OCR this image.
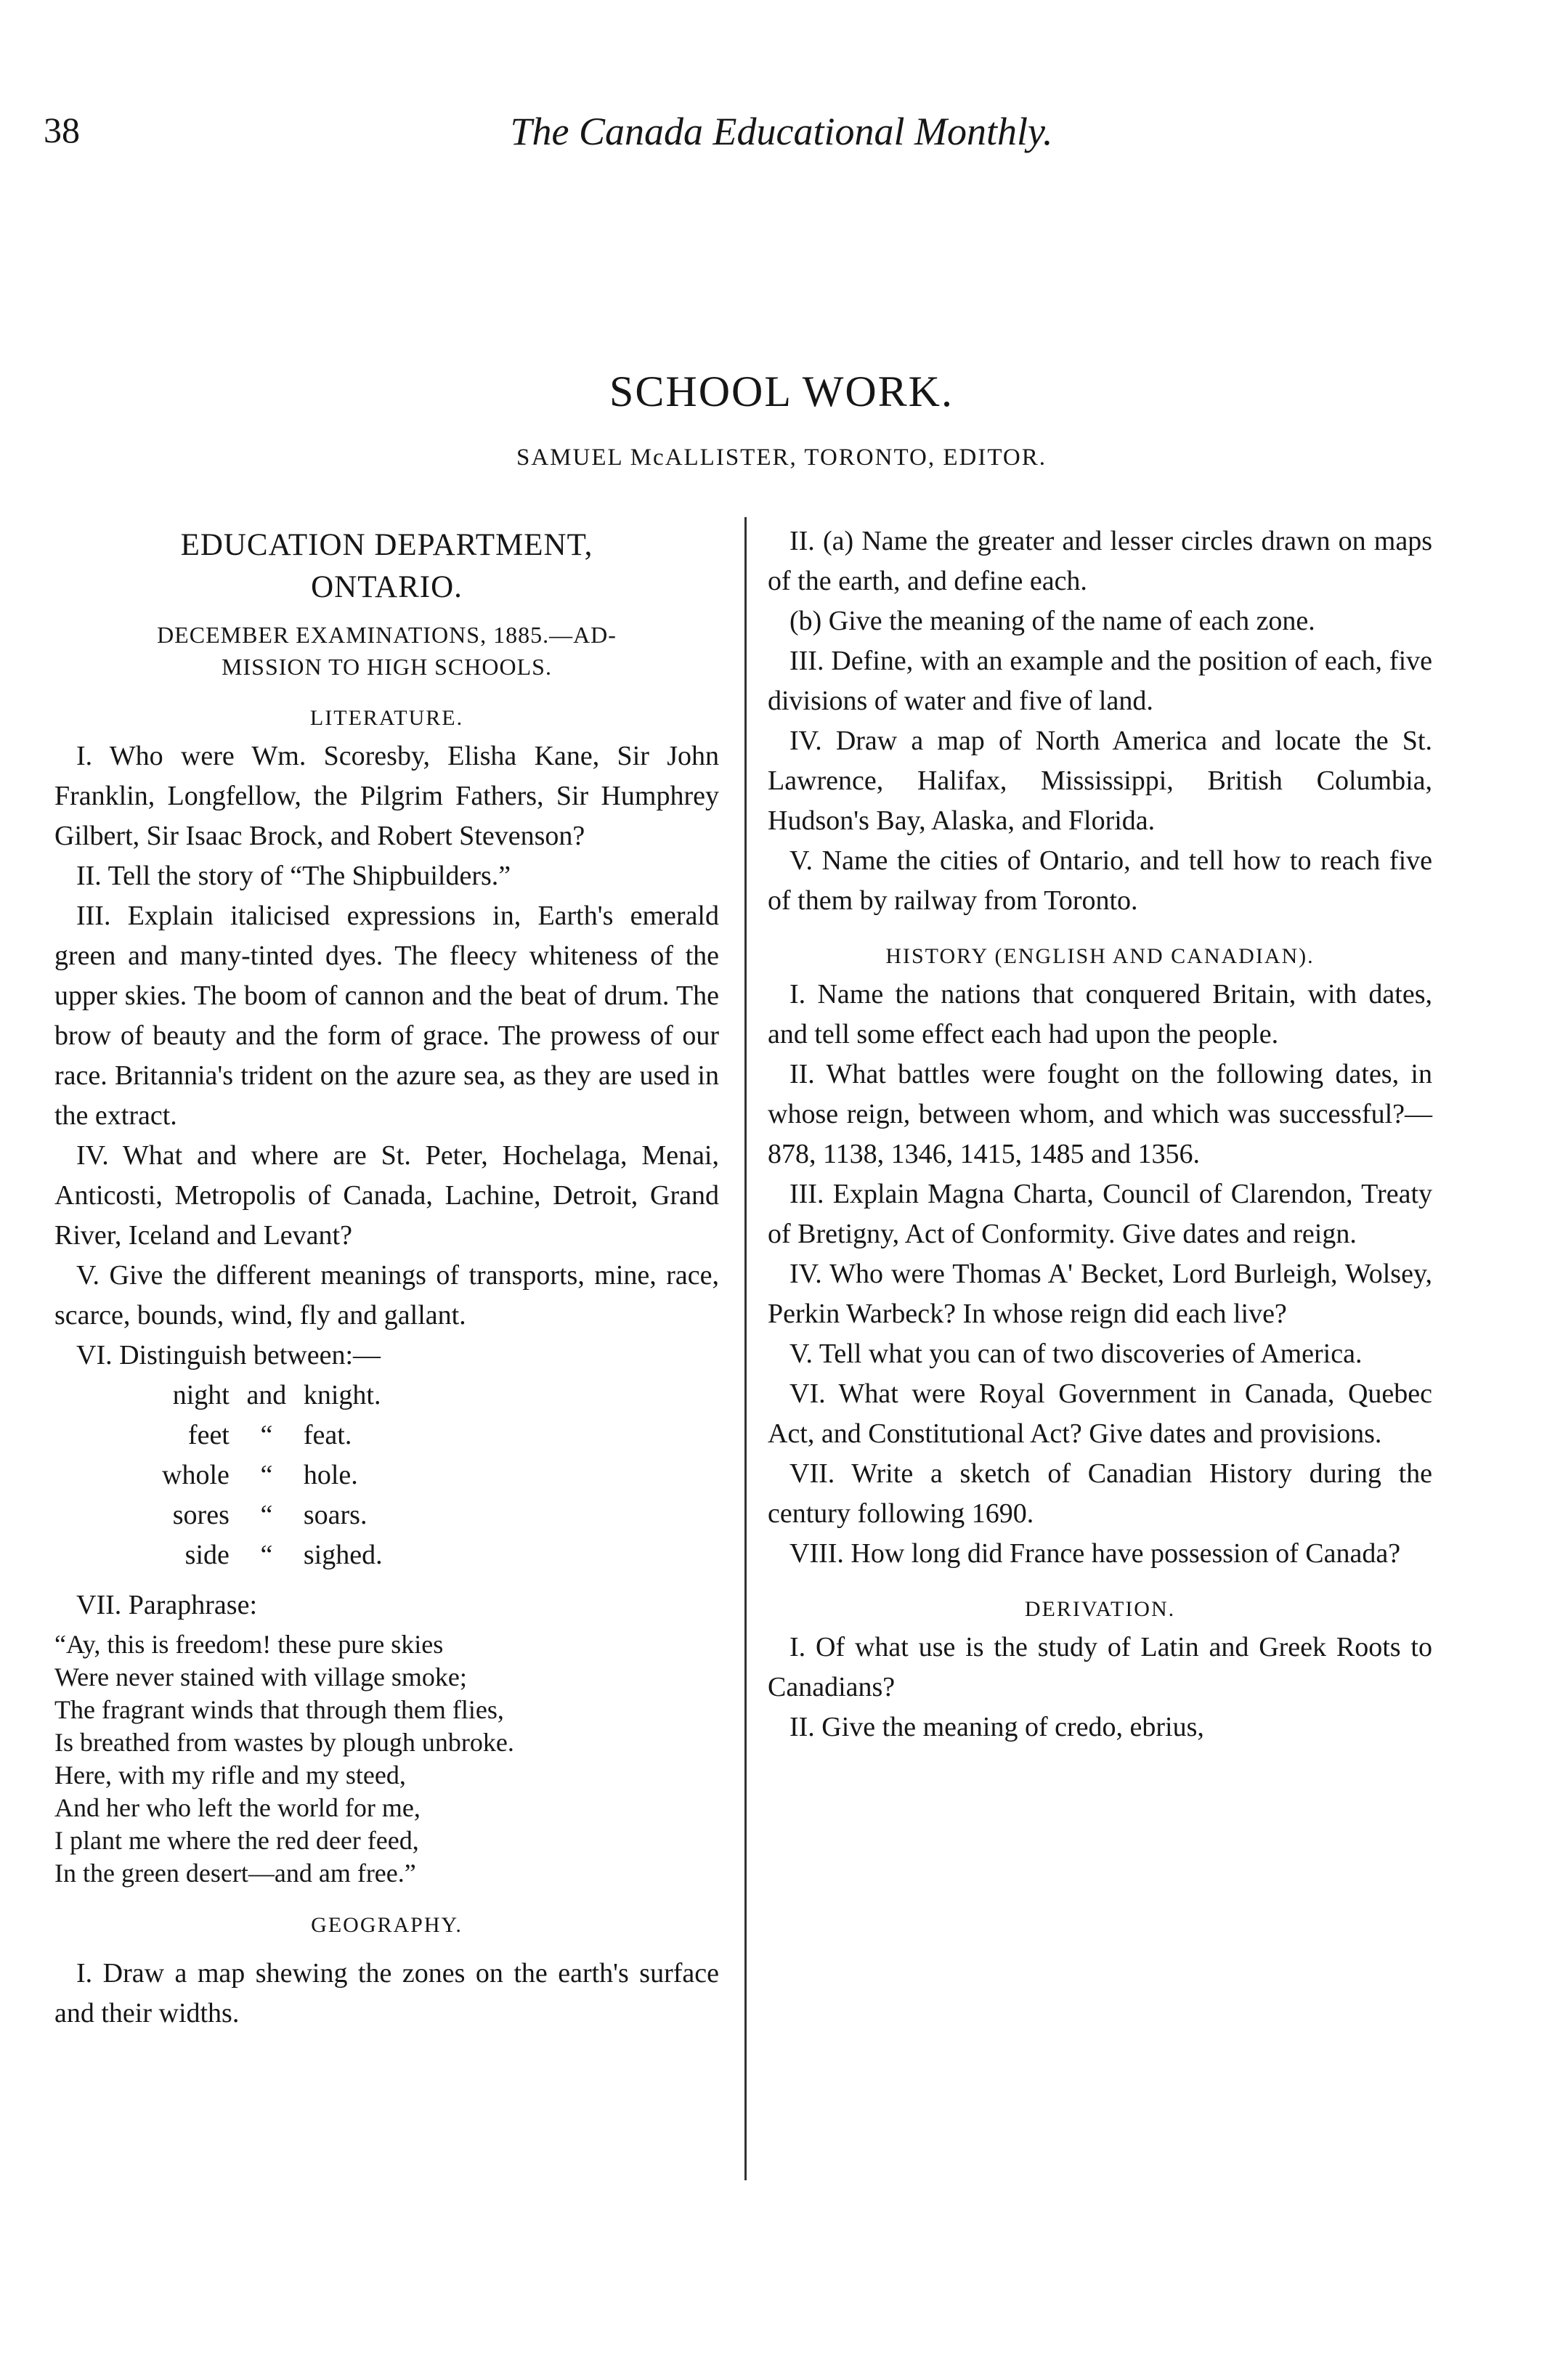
38	The Canada Educational Monthly.
SCHOOL WORK.
SAMUEL McALLISTER, TORONTO, EDITOR.

EDUCATION DEPARTMENT,

ONTARIO.

DECEMBER EXAMINATIONS, 1885.—AD-
MISSION TO HIGH SCHOOLS.

LITERATURE.

I. Who were Wm. Scoresby, Elisha Kane, Sir John Franklin, Longfellow, the Pilgrim Fathers, Sir Humphrey Gilbert, Sir Isaac Brock, and Robert Stevenson?

II. Tell the story of “The Shipbuilders.”

III. Explain italicised expressions in, Earth's emerald green and many-tinted dyes. The fleecy whiteness of the upper skies. The boom of cannon and the beat of drum. The brow of beauty and the form of grace. The prowess of our race. Britannia's trident on the azure sea, as they are used in the extract.

IV. What and where are St. Peter, Hochelaga, Menai, Anticosti, Metropolis of Canada, Lachine, Detroit, Grand River, Iceland and Levant?

V. Give the different meanings of transports, mine, race, scarce, bounds, wind, fly and gallant.

VI. Distinguish between:—

night	and	knight.
feet	“	feat.
whole	“	hole.
sores	“	soars.
side	“	sighed.

VII. Paraphrase:

“Ay, this is freedom! these pure skies
Were never stained with village smoke;
The fragrant winds that through them flies,
Is breathed from wastes by plough unbroke.
Here, with my rifle and my steed,
And her who left the world for me,
I plant me where the red deer feed,
In the green desert—and am free.”

GEOGRAPHY.

I. Draw a map shewing the zones on the earth's surface and their widths.

II. (a) Name the greater and lesser circles drawn on maps of the earth, and define each.

(b) Give the meaning of the name of each zone.

III. Define, with an example and the position of each, five divisions of water and five of land.

IV. Draw a map of North America and locate the St. Lawrence, Halifax, Mississippi, British Columbia, Hudson's Bay, Alaska, and Florida.

V. Name the cities of Ontario, and tell how to reach five of them by railway from Toronto.

HISTORY (ENGLISH AND CANADIAN).

I. Name the nations that conquered Britain, with dates, and tell some effect each had upon the people.

II. What battles were fought on the following dates, in whose reign, between whom, and which was successful?—878, 1138, 1346, 1415, 1485 and 1356.

III. Explain Magna Charta, Council of Clarendon, Treaty of Bretigny, Act of Conformity. Give dates and reign.

IV. Who were Thomas A' Becket, Lord Burleigh, Wolsey, Perkin Warbeck? In whose reign did each live?

V. Tell what you can of two discoveries of America.

VI. What were Royal Government in Canada, Quebec Act, and Constitutional Act? Give dates and provisions.

VII. Write a sketch of Canadian History during the century following 1690.

VIII. How long did France have possession of Canada?

DERIVATION.

I. Of what use is the study of Latin and Greek Roots to Canadians?

II. Give the meaning of credo, ebrius,
